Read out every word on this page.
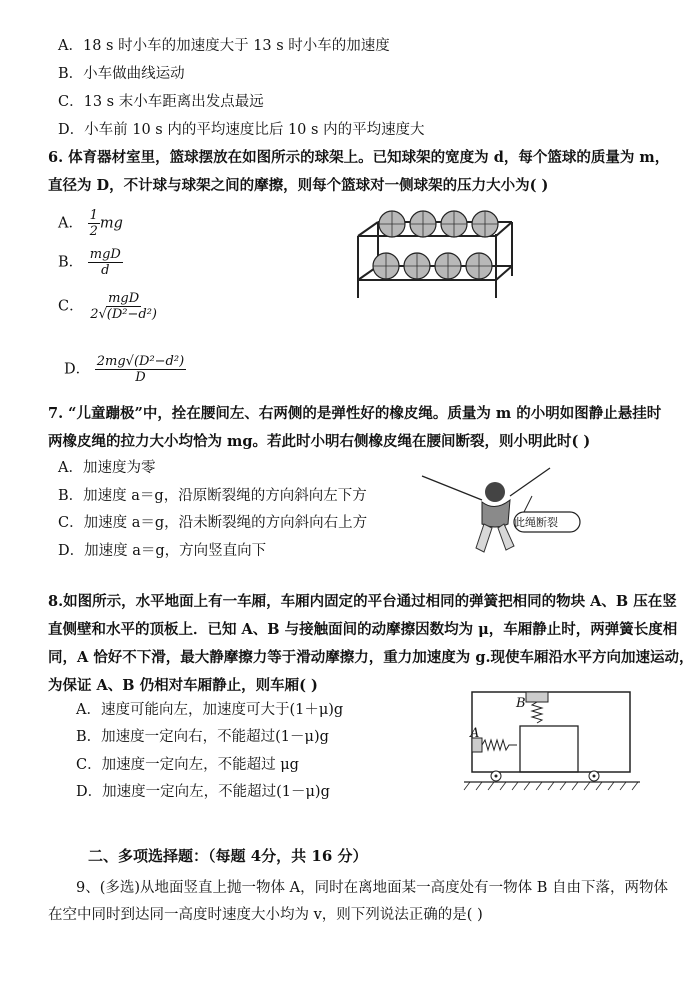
A．18 s 时小车的加速度大于 13 s 时小车的加速度
B．小车做曲线运动
C．13 s 末小车距离出发点最远
D．小车前 10 s 内的平均速度比后 10 s 内的平均速度大
6. 体育器材室里，篮球摆放在如图所示的球架上。已知球架的宽度为 d，每个篮球的质量为 m，
直径为 D，不计球与球架之间的摩擦，则每个篮球对一侧球架的压力大小为( )
A． $\frac{1}{2}$ mg
B． $\frac{\text{mgD}}{d}$
C． $\frac{\text{mgD}}{\text{2√(D²−d²)}}$
D． $\frac{\text{2mg√(D²−d²)}}{D}$
7. “儿童蹦极”中，拴在腰间左、右两侧的是弹性好的橡皮绳。质量为 m 的小明如图静止悬挂时
两橡皮绳的拉力大小均恰为 mg。若此时小明右侧橡皮绳在腰间断裂，则小明此时( )
A．加速度为零
B．加速度 a＝g，沿原断裂绳的方向斜向左下方
C．加速度 a＝g，沿未断裂绳的方向斜向右上方
D．加速度 a＝g，方向竖直向下
此绳断裂
8.如图所示，水平地面上有一车厢，车厢内固定的平台通过相同的弹簧把相同的物块 A、B 压在竖
直侧壁和水平的顶板上．已知 A、B 与接触面间的动摩擦因数均为 μ，车厢静止时，两弹簧长度相
同，A 恰好不下滑，最大静摩擦力等于滑动摩擦力，重力加速度为 g.现使车厢沿水平方向加速运动，
为保证 A、B 仍相对车厢静止，则车厢( )
A．速度可能向左，加速度可大于(1＋μ)g
B．加速度一定向右，不能超过(1－μ)g
C．加速度一定向左，不能超过 μg
D．加速度一定向左，不能超过(1－μ)g
B
A
二、多项选择题：（每题 4分，共 16 分）
9、(多选)从地面竖直上抛一物体 A，同时在离地面某一高度处有一物体 B 自由下落，两物体
在空中同时到达同一高度时速度大小均为 v，则下列说法正确的是( )
